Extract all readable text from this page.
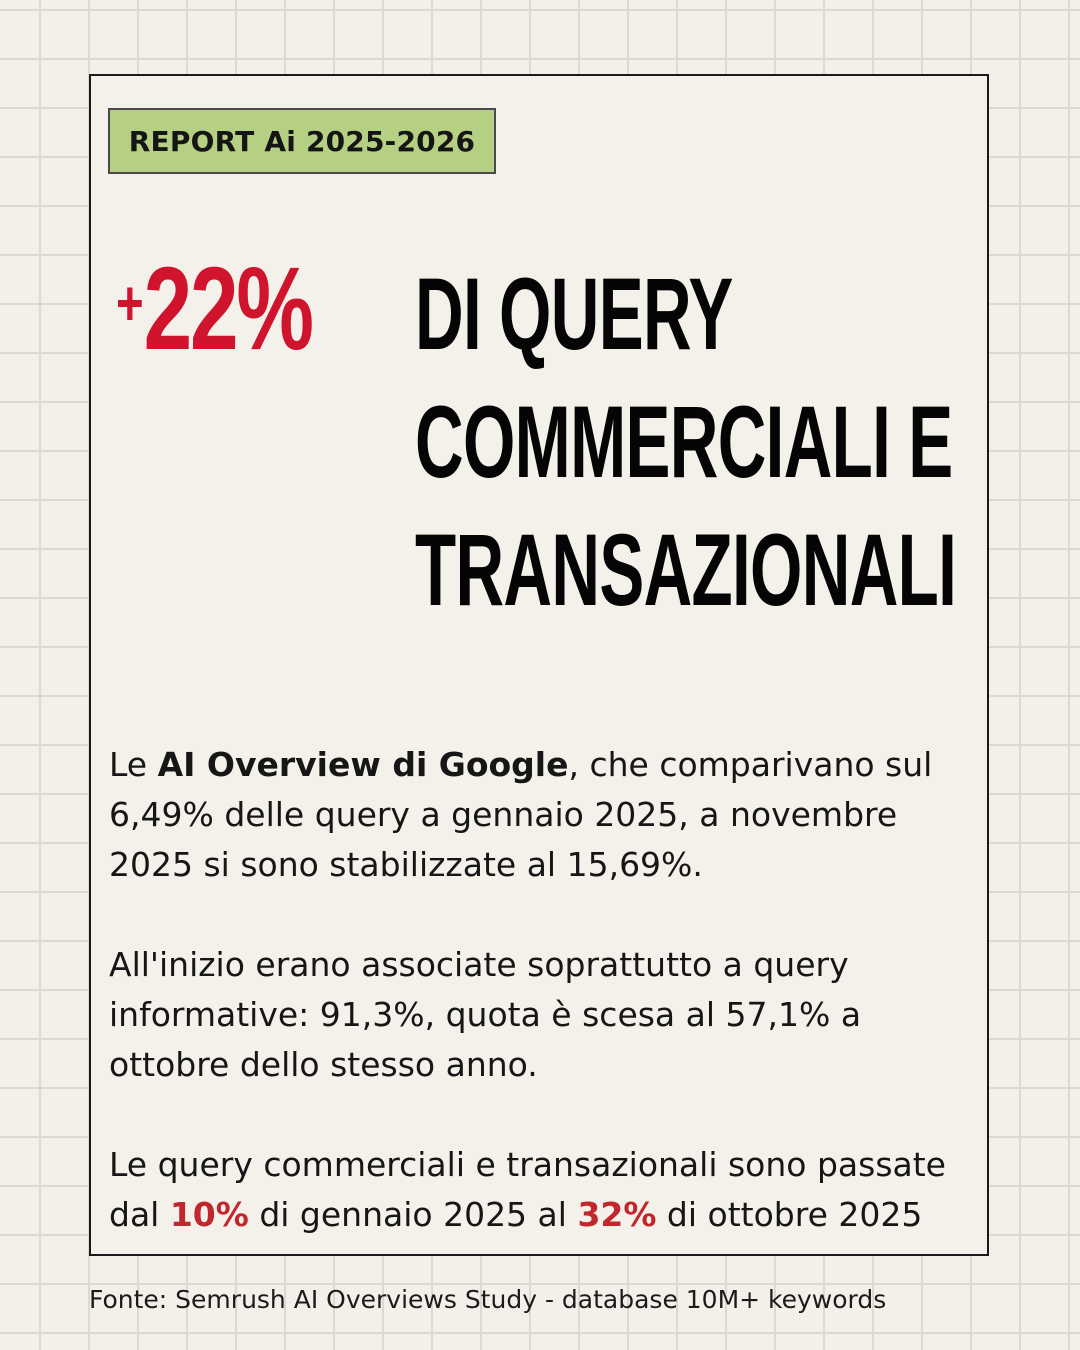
REPORT Ai 2025-2026
+22% DI QUERY
COMMERCIALI E
TRANSAZIONALI

Le AI Overview di Google, che comparivano sul 6,49% delle query a gennaio 2025, a novembre 2025 si sono stabilizzate al 15,69%.

All'inizio erano associate soprattutto a query informative: 91,3%, quota è scesa al 57,1% a ottobre dello stesso anno.

Le query commerciali e transazionali sono passate dal 10% di gennaio 2025 al 32% di ottobre 2025

Fonte: Semrush AI Overviews Study - database 10M+ keywords
